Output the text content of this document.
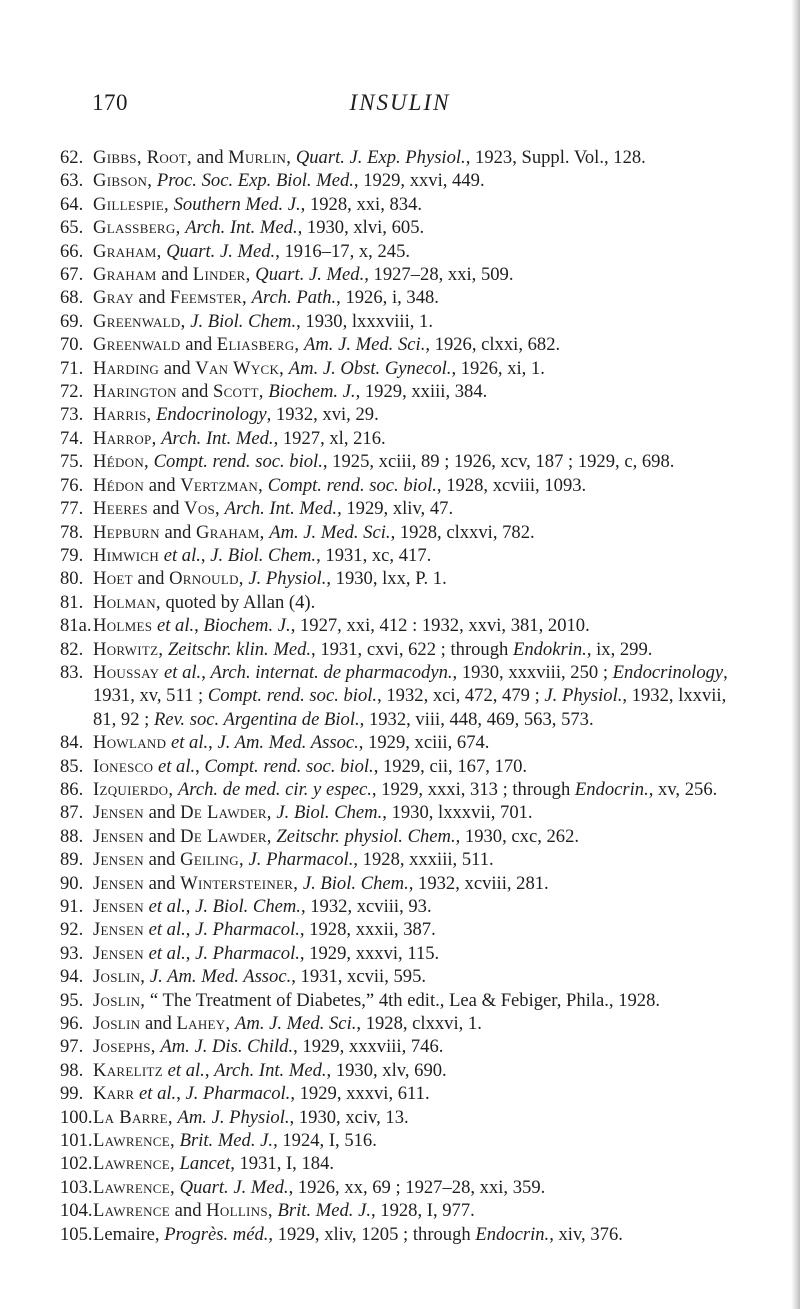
170	INSULIN
62. Gibbs, Root, and Murlin, Quart. J. Exp. Physiol., 1923, Suppl. Vol., 128.
63. Gibson, Proc. Soc. Exp. Biol. Med., 1929, xxvi, 449.
64. Gillespie, Southern Med. J., 1928, xxi, 834.
65. Glassberg, Arch. Int. Med., 1930, xlvi, 605.
66. Graham, Quart. J. Med., 1916–17, x, 245.
67. Graham and Linder, Quart. J. Med., 1927–28, xxi, 509.
68. Gray and Feemster, Arch. Path., 1926, i, 348.
69. Greenwald, J. Biol. Chem., 1930, lxxxviii, 1.
70. Greenwald and Eliasberg, Am. J. Med. Sci., 1926, clxxi, 682.
71. Harding and Van Wyck, Am. J. Obst. Gynecol., 1926, xi, 1.
72. Harington and Scott, Biochem. J., 1929, xxiii, 384.
73. Harris, Endocrinology, 1932, xvi, 29.
74. Harrop, Arch. Int. Med., 1927, xl, 216.
75. Hédon, Compt. rend. soc. biol., 1925, xciii, 89 ; 1926, xcv, 187 ; 1929, c, 698.
76. Hédon and Vertzman, Compt. rend. soc. biol., 1928, xcviii, 1093.
77. Heeres and Vos, Arch. Int. Med., 1929, xliv, 47.
78. Hepburn and Graham, Am. J. Med. Sci., 1928, clxxvi, 782.
79. Himwich et al., J. Biol. Chem., 1931, xc, 417.
80. Hoet and Ornould, J. Physiol., 1930, lxx, P. 1.
81. Holman, quoted by Allan (4).
81a. Holmes et al., Biochem. J., 1927, xxi, 412 : 1932, xxvi, 381, 2010.
82. Horwitz, Zeitschr. klin. Med., 1931, cxvi, 622 ; through Endokrin., ix, 299.
83. Houssay et al., Arch. internat. de pharmacodyn., 1930, xxxviii, 250 ; Endocrinology, 1931, xv, 511 ; Compt. rend. soc. biol., 1932, xci, 472, 479 ; J. Physiol., 1932, lxxvii, 81, 92 ; Rev. soc. Argentina de Biol., 1932, viii, 448, 469, 563, 573.
84. Howland et al., J. Am. Med. Assoc., 1929, xciii, 674.
85. Ionesco et al., Compt. rend. soc. biol., 1929, cii, 167, 170.
86. Izquierdo, Arch. de med. cir. y espec., 1929, xxxi, 313 ; through Endocrin., xv, 256.
87. Jensen and De Lawder, J. Biol. Chem., 1930, lxxxvii, 701.
88. Jensen and De Lawder, Zeitschr. physiol. Chem., 1930, cxc, 262.
89. Jensen and Geiling, J. Pharmacol., 1928, xxxiii, 511.
90. Jensen and Wintersteiner, J. Biol. Chem., 1932, xcviii, 281.
91. Jensen et al., J. Biol. Chem., 1932, xcviii, 93.
92. Jensen et al., J. Pharmacol., 1928, xxxii, 387.
93. Jensen et al., J. Pharmacol., 1929, xxxvi, 115.
94. Joslin, J. Am. Med. Assoc., 1931, xcvii, 595.
95. Joslin, “ The Treatment of Diabetes,” 4th edit., Lea & Febiger, Phila., 1928.
96. Joslin and Lahey, Am. J. Med. Sci., 1928, clxxvi, 1.
97. Josephs, Am. J. Dis. Child., 1929, xxxviii, 746.
98. Karelitz et al., Arch. Int. Med., 1930, xlv, 690.
99. Karr et al., J. Pharmacol., 1929, xxxvi, 611.
100. La Barre, Am. J. Physiol., 1930, xciv, 13.
101. Lawrence, Brit. Med. J., 1924, I, 516.
102. Lawrence, Lancet, 1931, I, 184.
103. Lawrence, Quart. J. Med., 1926, xx, 69 ; 1927–28, xxi, 359.
104. Lawrence and Hollins, Brit. Med. J., 1928, I, 977.
105. Lemaire, Progrès. méd., 1929, xliv, 1205 ; through Endocrin., xiv, 376.
